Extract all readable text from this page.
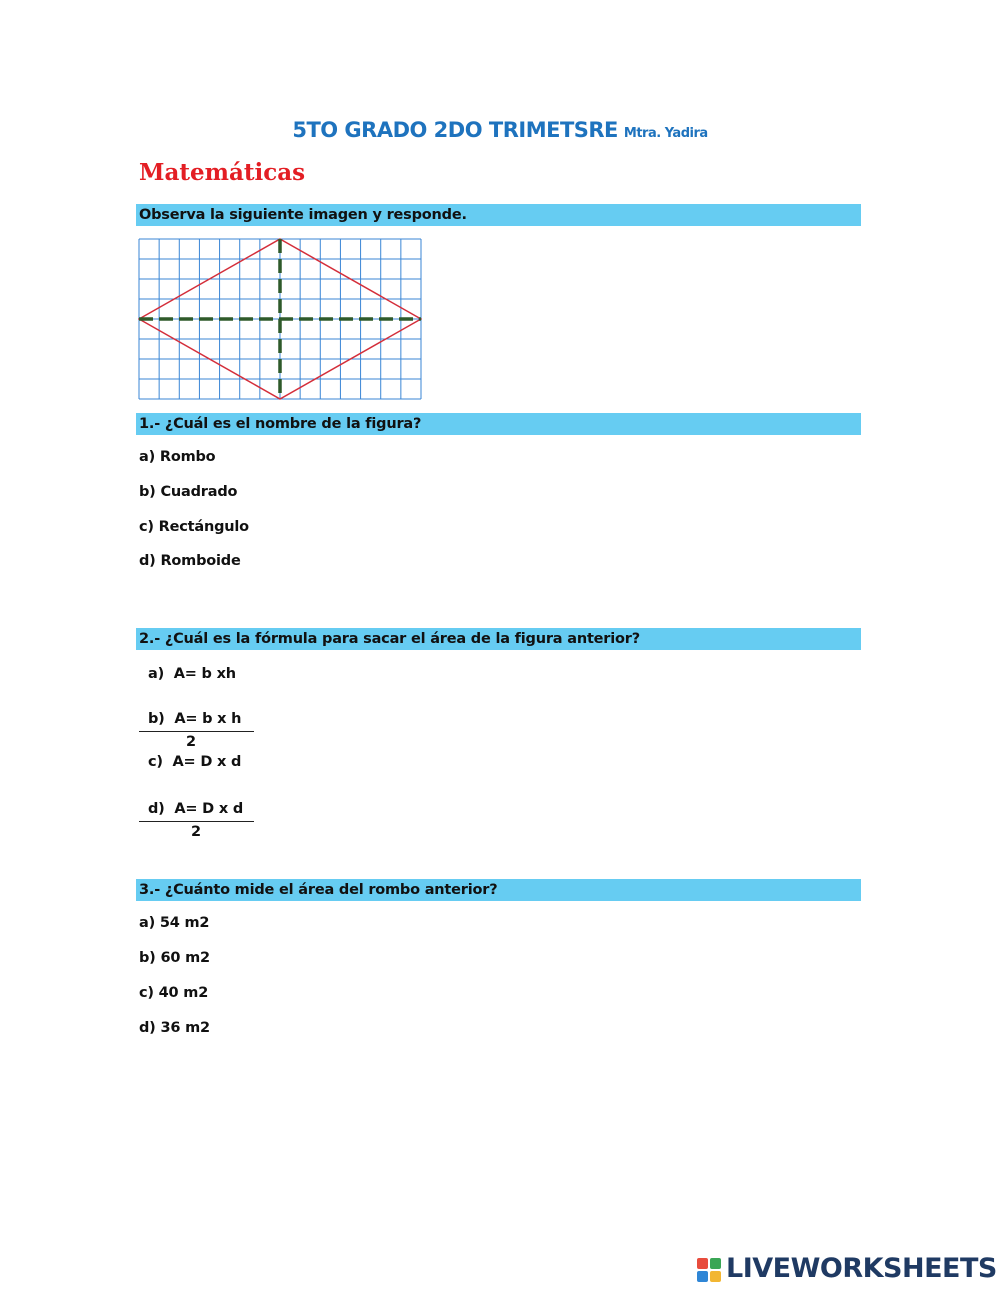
5TO GRADO 2DO TRIMETSRE Mtra. Yadira
Matemáticas
Observa la siguiente imagen y responde.
1.- ¿Cuál es el nombre de la figura?
a) Rombo
b) Cuadrado
c) Rectángulo
d) Romboide
2.- ¿Cuál es la fórmula para sacar el área de la figura anterior?
a) A= b xh
b) A= b x h
2
c) A= D x d
d) A= D x d
2
3.- ¿Cuánto mide el área del rombo anterior?
a) 54 m2
b) 60 m2
c) 40 m2
d) 36 m2
LIVEWORKSHEETS
